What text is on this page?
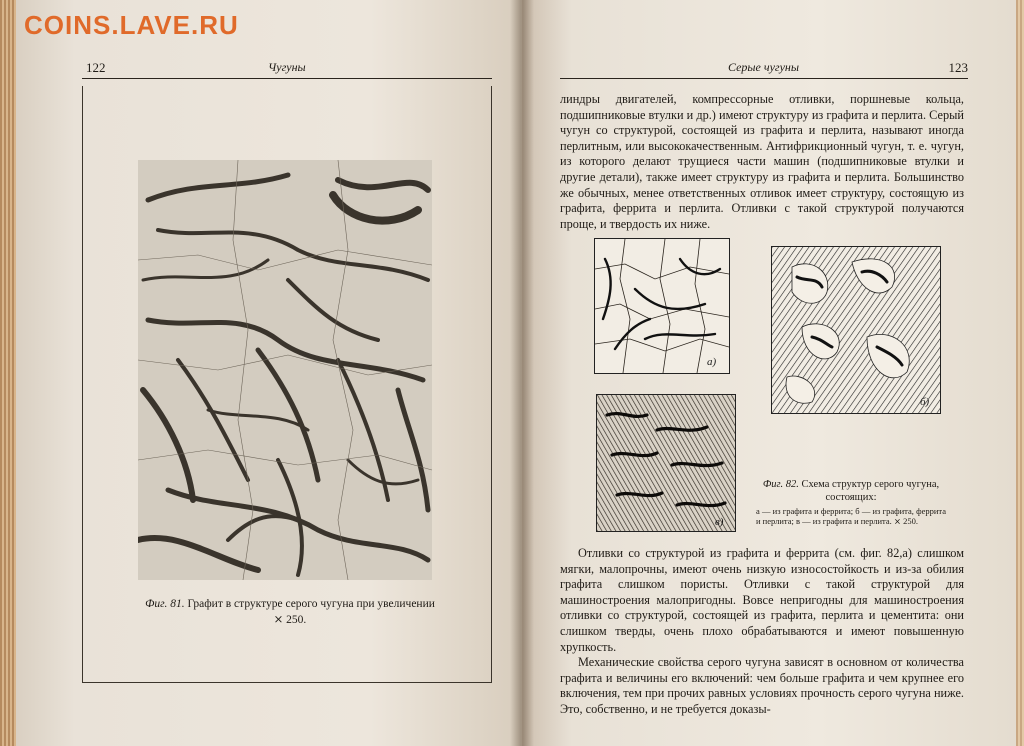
COINS.LAVE.RU
122	Чугуны	Серые чугуны	123
Фиг. 81. Графит в структуре серого чугуна при увеличении ⨯ 250.

линдры двигателей, компрессорные отливки, поршневые кольца, подшипниковые втулки и др.) имеют структуру из графита и перлита. Серый чугун со структурой, состоящей из графита и перлита, называют иногда перлитным, или высококачественным. Антифрикционный чугун, т. е. чугун, из которого делают трущиеся части машин (подшипниковые втулки и другие детали), также имеет структуру из графита и перлита. Большинство же обычных, менее ответственных отливок имеет структуру, состоящую из графита, феррита и перлита. Отливки с такой структурой получаются проще, и твердость их ниже.

а)
б)
в)
Фиг. 82. Схема структур серого чугуна, состоящих:
а — из графита и феррита; б — из графита, феррита и перлита; в — из графита и перлита. ⨯ 250.

Отливки со структурой из графита и феррита (см. фиг. 82,а) слишком мягки, малопрочны, имеют очень низкую износостойкость и из-за обилия графита слишком пористы. Отливки с такой структурой для машиностроения малопригодны. Вовсе непригодны для машиностроения отливки со структурой, состоящей из графита, перлита и цементита: они слишком тверды, очень плохо обрабатываются и имеют повышенную хрупкость.

Механические свойства серого чугуна зависят в основном от количества графита и величины его включений: чем больше графита и чем крупнее его включения, тем при прочих равных условиях прочность серого чугуна ниже. Это, собственно, и не требуется доказы-
